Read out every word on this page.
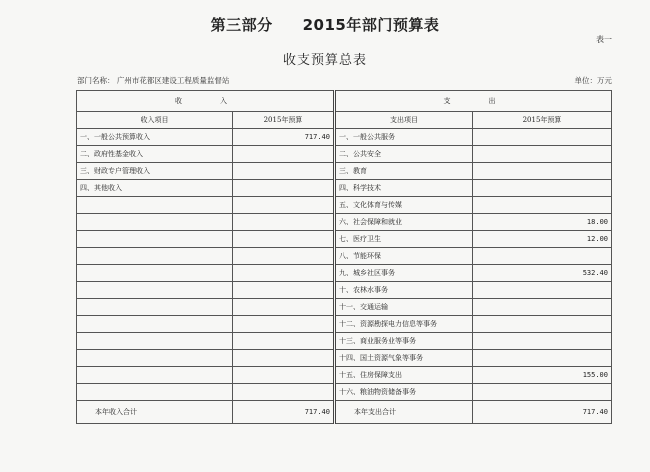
第三部分 2015年部门预算表
表一
收支预算总表
部门名称： 广州市花都区建设工程质量监督站	单位：万元
收　　入		支　　出	
收入项目	2015年预算	支出项目	2015年预算
一、一般公共预算收入	717.40	一、一般公共服务	
二、政府性基金收入		二、公共安全	
三、财政专户管理收入		三、教育	
四、其他收入		四、科学技术	
		五、文化体育与传媒	
		六、社会保障和就业	18.00
		七、医疗卫生	12.00
		八、节能环保	
		九、城乡社区事务	532.40
		十、农林水事务	
		十一、交通运输	
		十二、资源勘探电力信息等事务	
		十三、商业服务业等事务	
		十四、国土资源气象等事务	
		十五、住房保障支出	155.00
		十六、粮油物资储备事务	
本年收入合计	717.40	本年支出合计	717.40
